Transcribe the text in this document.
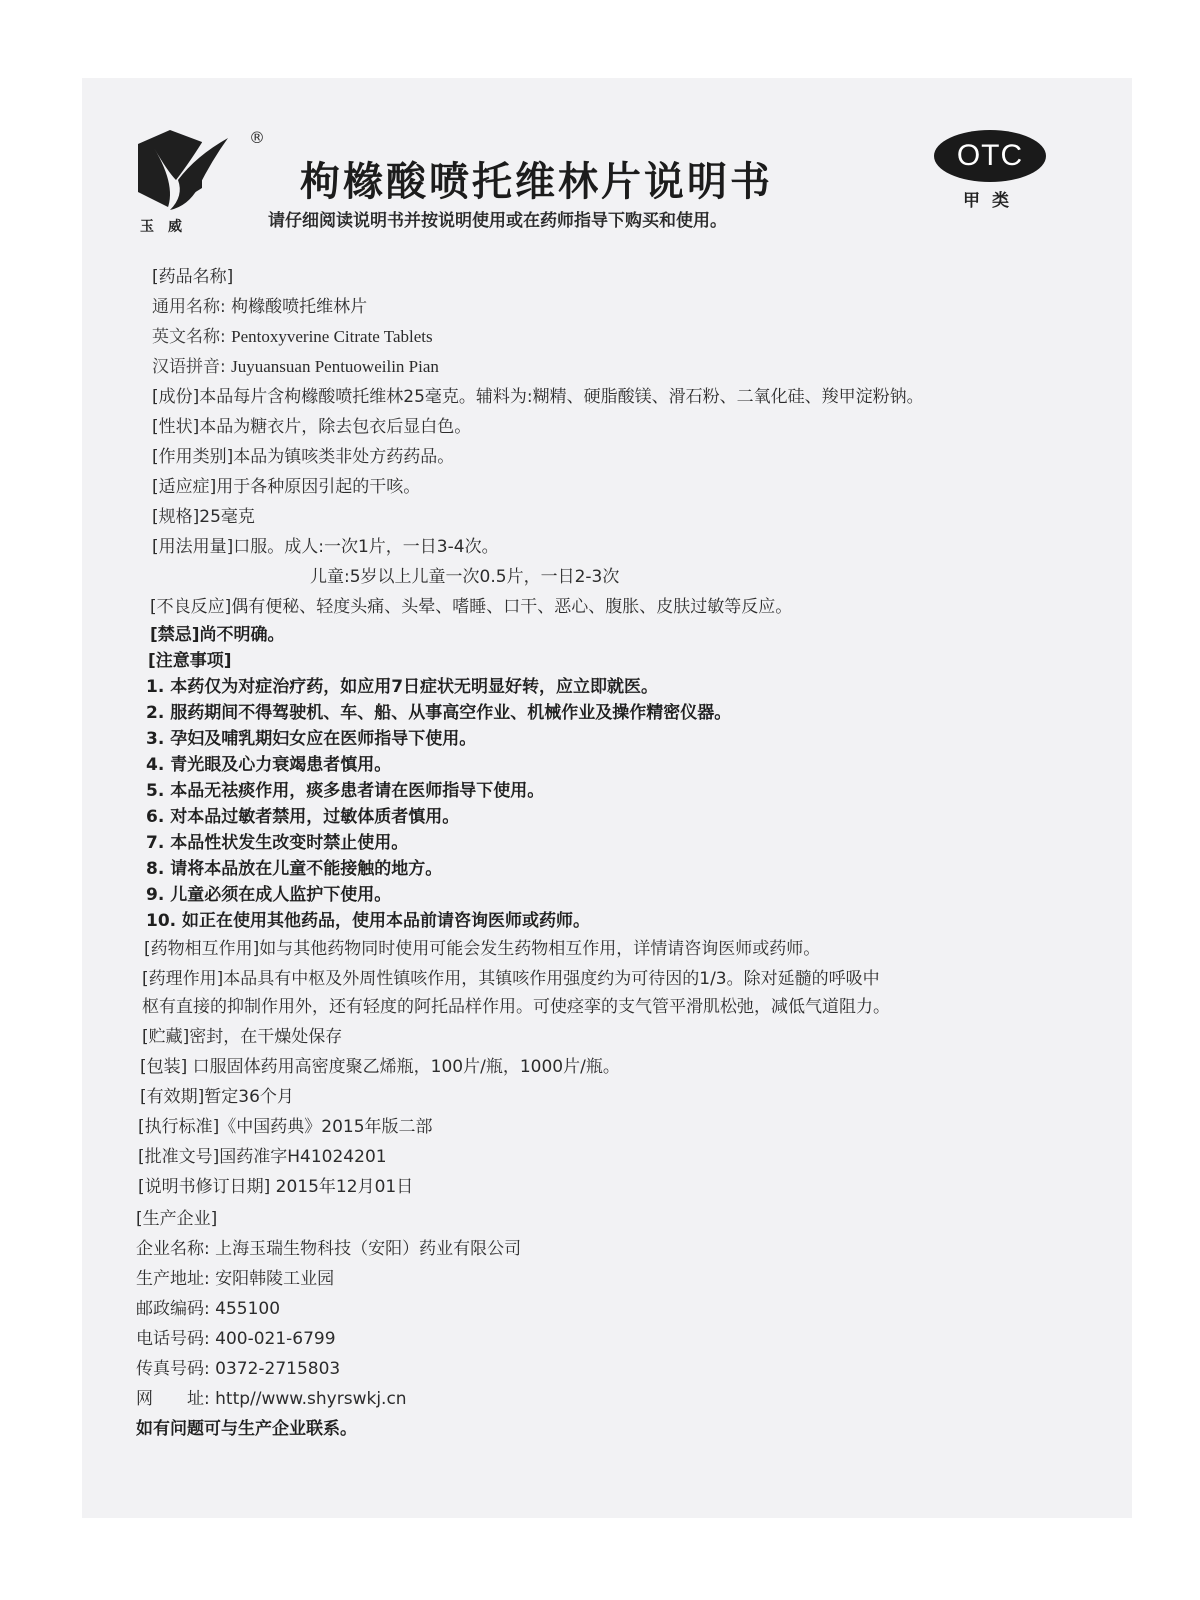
玉威
®
枸橼酸喷托维林片说明书
请仔细阅读说明书并按说明使用或在药师指导下购买和使用。
OTC
甲类
[药品名称]
通用名称: 枸橼酸喷托维林片
英文名称: Pentoxyverine Citrate Tablets
汉语拼音: Juyuansuan Pentuoweilin Pian
[成份]本品每片含枸橼酸喷托维林25毫克。辅料为:糊精、硬脂酸镁、滑石粉、二氧化硅、羧甲淀粉钠。
[性状]本品为糖衣片，除去包衣后显白色。
[作用类别]本品为镇咳类非处方药药品。
[适应症]用于各种原因引起的干咳。
[规格]25毫克
[用法用量]口服。成人:一次1片，一日3-4次。
儿童:5岁以上儿童一次0.5片，一日2-3次
[不良反应]偶有便秘、轻度头痛、头晕、嗜睡、口干、恶心、腹胀、皮肤过敏等反应。
[禁忌]尚不明确。
[注意事项]
1. 本药仅为对症治疗药，如应用7日症状无明显好转，应立即就医。
2. 服药期间不得驾驶机、车、船、从事高空作业、机械作业及操作精密仪器。
3. 孕妇及哺乳期妇女应在医师指导下使用。
4. 青光眼及心力衰竭患者慎用。
5. 本品无祛痰作用，痰多患者请在医师指导下使用。
6. 对本品过敏者禁用，过敏体质者慎用。
7. 本品性状发生改变时禁止使用。
8. 请将本品放在儿童不能接触的地方。
9. 儿童必须在成人监护下使用。
10. 如正在使用其他药品，使用本品前请咨询医师或药师。
[药物相互作用]如与其他药物同时使用可能会发生药物相互作用，详情请咨询医师或药师。
[药理作用]本品具有中枢及外周性镇咳作用，其镇咳作用强度约为可待因的1/3。除对延髓的呼吸中
枢有直接的抑制作用外，还有轻度的阿托品样作用。可使痉挛的支气管平滑肌松弛，减低气道阻力。
[贮藏]密封，在干燥处保存
[包装] 口服固体药用高密度聚乙烯瓶，100片/瓶，1000片/瓶。
[有效期]暂定36个月
[执行标准]《中国药典》2015年版二部
[批准文号]国药准字H41024201
[说明书修订日期] 2015年12月01日
[生产企业]
企业名称: 上海玉瑞生物科技（安阳）药业有限公司
生产地址: 安阳韩陵工业园
邮政编码: 455100
电话号码: 400-021-6799
传真号码: 0372-2715803
网　　址: http//www.shyrswkj.cn
如有问题可与生产企业联系。
